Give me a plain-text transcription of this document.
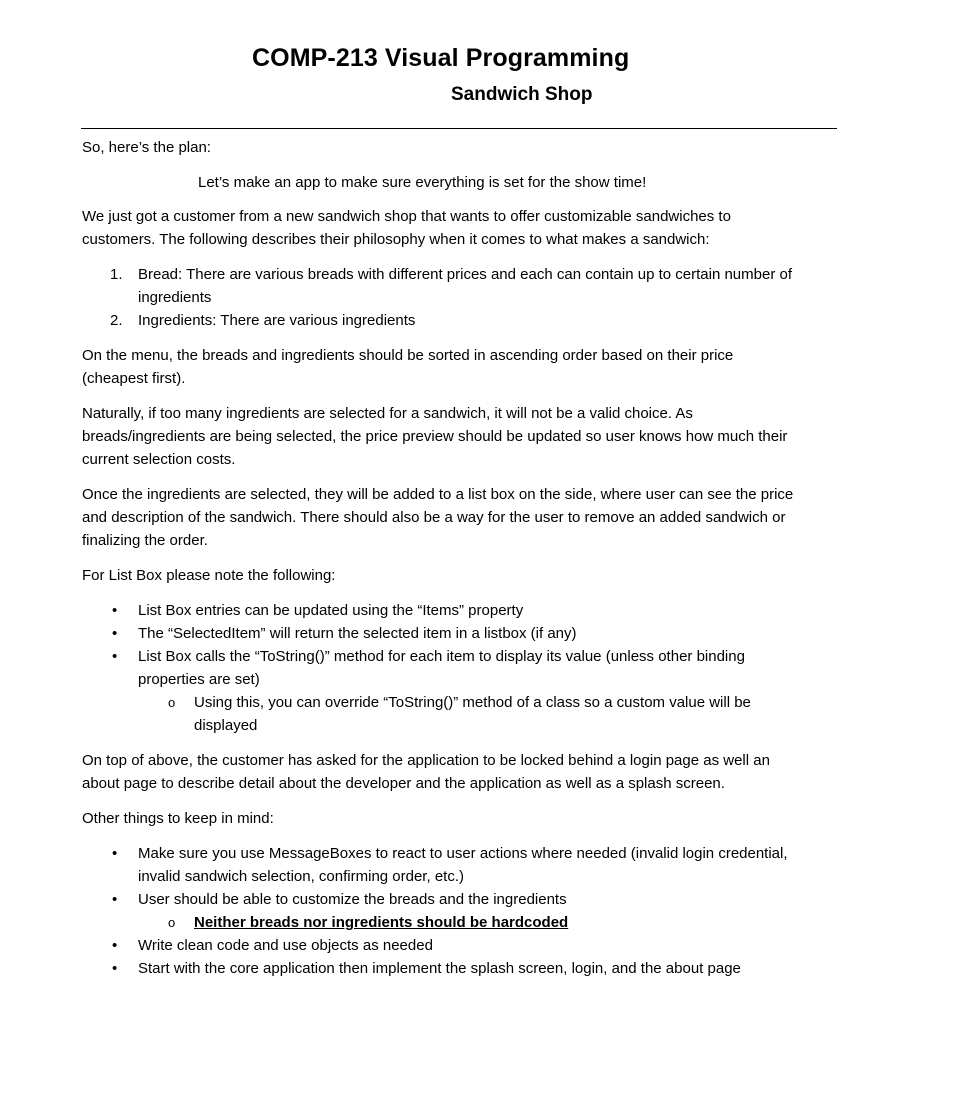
COMP-213 Visual Programming
Sandwich Shop

So, here’s the plan:

Let’s make an app to make sure everything is set for the show time!

We just got a customer from a new sandwich shop that wants to offer customizable sandwiches to customers. The following describes their philosophy when it comes to what makes a sandwich:

1. Bread: There are various breads with different prices and each can contain up to certain number of ingredients
2. Ingredients: There are various ingredients

On the menu, the breads and ingredients should be sorted in ascending order based on their price (cheapest first).

Naturally, if too many ingredients are selected for a sandwich, it will not be a valid choice. As breads/ingredients are being selected, the price preview should be updated so user knows how much their current selection costs.

Once the ingredients are selected, they will be added to a list box on the side, where user can see the price and description of the sandwich. There should also be a way for the user to remove an added sandwich or finalizing the order.

For List Box please note the following:

• List Box entries can be updated using the “Items” property
• The “SelectedItem” will return the selected item in a listbox (if any)
• List Box calls the “ToString()” method for each item to display its value (unless other binding properties are set)
o Using this, you can override “ToString()” method of a class so a custom value will be displayed

On top of above, the customer has asked for the application to be locked behind a login page as well an about page to describe detail about the developer and the application as well as a splash screen.

Other things to keep in mind:

• Make sure you use MessageBoxes to react to user actions where needed (invalid login credential, invalid sandwich selection, confirming order, etc.)
• User should be able to customize the breads and the ingredients
o Neither breads nor ingredients should be hardcoded
• Write clean code and use objects as needed
• Start with the core application then implement the splash screen, login, and the about page
